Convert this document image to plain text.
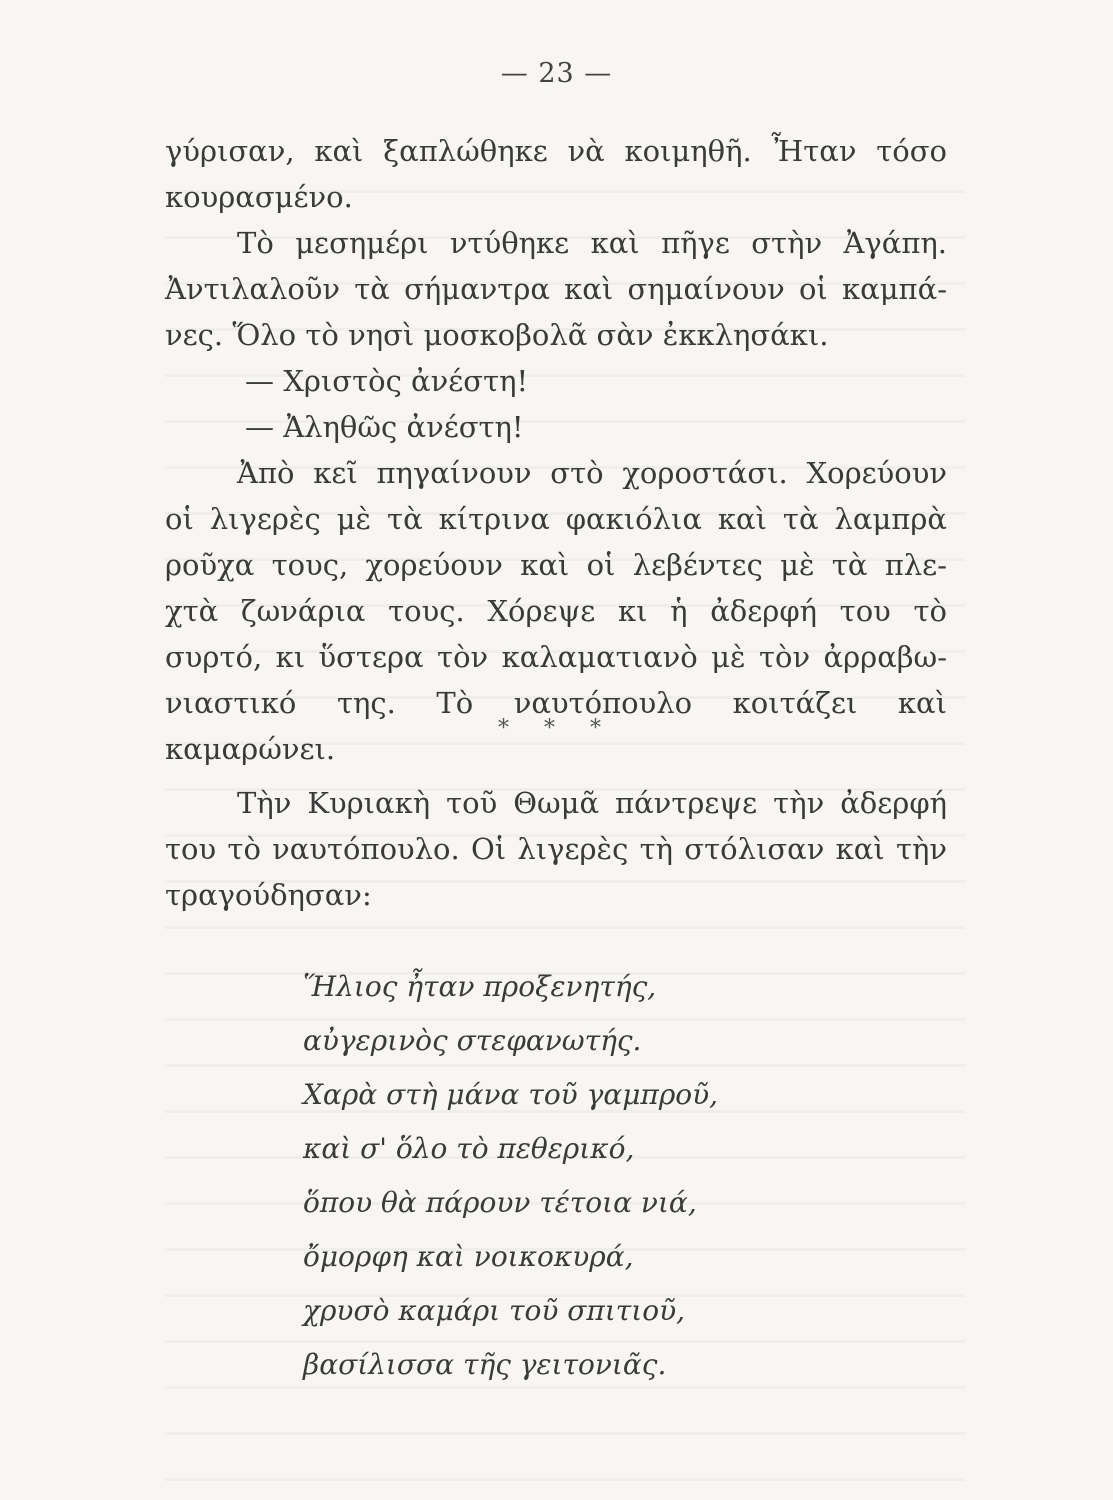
— 23 —
γύρισαν, καὶ ξαπλώθηκε νὰ κοιμηθῆ. Ἦταν τόσο
κουρασμένο.
Τὸ μεσημέρι ντύθηκε καὶ πῆγε στὴν Ἀγάπη.
Ἀντιλαλοῦν τὰ σήμαντρα καὶ σημαίνουν οἱ καμπά-
νες. Ὅλο τὸ νησὶ μοσκοβολᾶ σὰν ἐκκλησάκι.
— Χριστὸς ἀνέστη!
— Ἀληθῶς ἀνέστη!
Ἀπὸ κεῖ πηγαίνουν στὸ χοροστάσι. Χορεύουν
οἱ λιγερὲς μὲ τὰ κίτρινα φακιόλια καὶ τὰ λαμπρὰ
ροῦχα τους, χορεύουν καὶ οἱ λεβέντες μὲ τὰ πλε-
χτὰ ζωνάρια τους. Χόρεψε κι ἡ ἀδερφή του τὸ
συρτό, κι ὕστερα τὸν καλαματιανὸ μὲ τὸν ἀρραβω-
νιαστικό της. Τὸ ναυτόπουλο κοιτάζει καὶ καμαρώνει.
* * *
Τὴν Κυριακὴ τοῦ Θωμᾶ πάντρεψε τὴν ἀδερφή
του τὸ ναυτόπουλο. Οἱ λιγερὲς τὴ στόλισαν καὶ τὴν
τραγούδησαν:
Ἥλιος ἦταν προξενητής,
αὐγερινὸς στεφανωτής.
Χαρὰ στὴ μάνα τοῦ γαμπροῦ,
καὶ σ' ὅλο τὸ πεθερικό,
ὅπου θὰ πάρουν τέτοια νιά,
ὄμορφη καὶ νοικοκυρά,
χρυσὸ καμάρι τοῦ σπιτιοῦ,
βασίλισσα τῆς γειτονιᾶς.
